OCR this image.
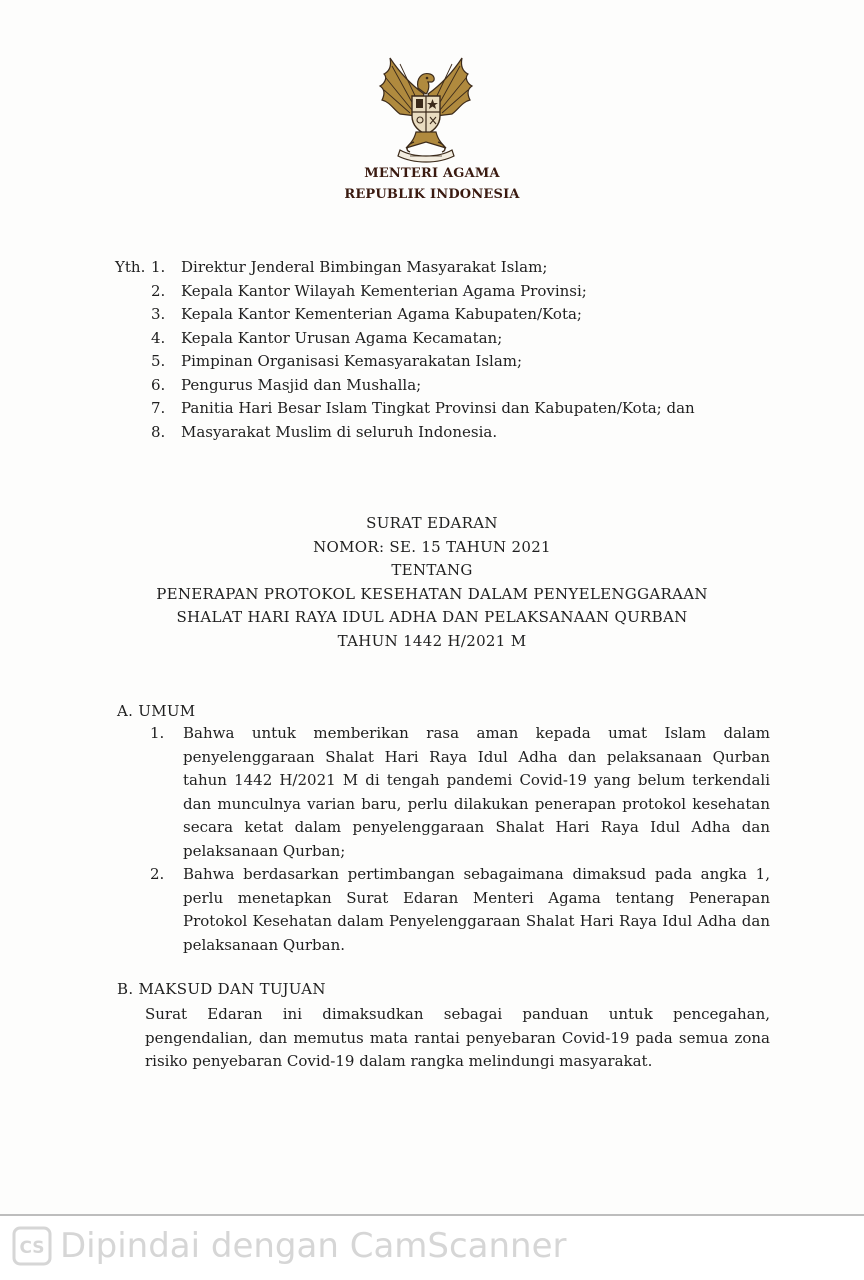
MENTERI AGAMA
REPUBLIK INDONESIA
Yth. 1.	Direktur Jenderal Bimbingan Masyarakat Islam;
2.	Kepala Kantor Wilayah Kementerian Agama Provinsi;
3.	Kepala Kantor Kementerian Agama Kabupaten/Kota;
4.	Kepala Kantor Urusan Agama Kecamatan;
5.	Pimpinan Organisasi Kemasyarakatan Islam;
6.	Pengurus Masjid dan Mushalla;
7.	Panitia Hari Besar Islam Tingkat Provinsi dan Kabupaten/Kota; dan
8.	Masyarakat Muslim di seluruh Indonesia.
SURAT EDARAN
NOMOR: SE. 15 TAHUN 2021
TENTANG
PENERAPAN PROTOKOL KESEHATAN DALAM PENYELENGGARAAN
SHALAT HARI RAYA IDUL ADHA DAN PELAKSANAAN QURBAN
TAHUN 1442 H/2021 M
A. UMUM
1.	Bahwa untuk memberikan rasa aman kepada umat Islam dalam penyelenggaraan Shalat Hari Raya Idul Adha dan pelaksanaan Qurban tahun 1442 H/2021 M di tengah pandemi Covid-19 yang belum terkendali dan munculnya varian baru, perlu dilakukan penerapan protokol kesehatan secara ketat dalam penyelenggaraan Shalat Hari Raya Idul Adha dan pelaksanaan Qurban;
2.	Bahwa berdasarkan pertimbangan sebagaimana dimaksud pada angka 1, perlu menetapkan Surat Edaran Menteri Agama tentang Penerapan Protokol Kesehatan dalam Penyelenggaraan Shalat Hari Raya Idul Adha dan pelaksanaan Qurban.
B. MAKSUD DAN TUJUAN
Surat Edaran ini dimaksudkan sebagai panduan untuk pencegahan, pengendalian, dan memutus mata rantai penyebaran Covid-19 pada semua zona risiko penyebaran Covid-19 dalam rangka melindungi masyarakat.
CS Dipindai dengan CamScanner
